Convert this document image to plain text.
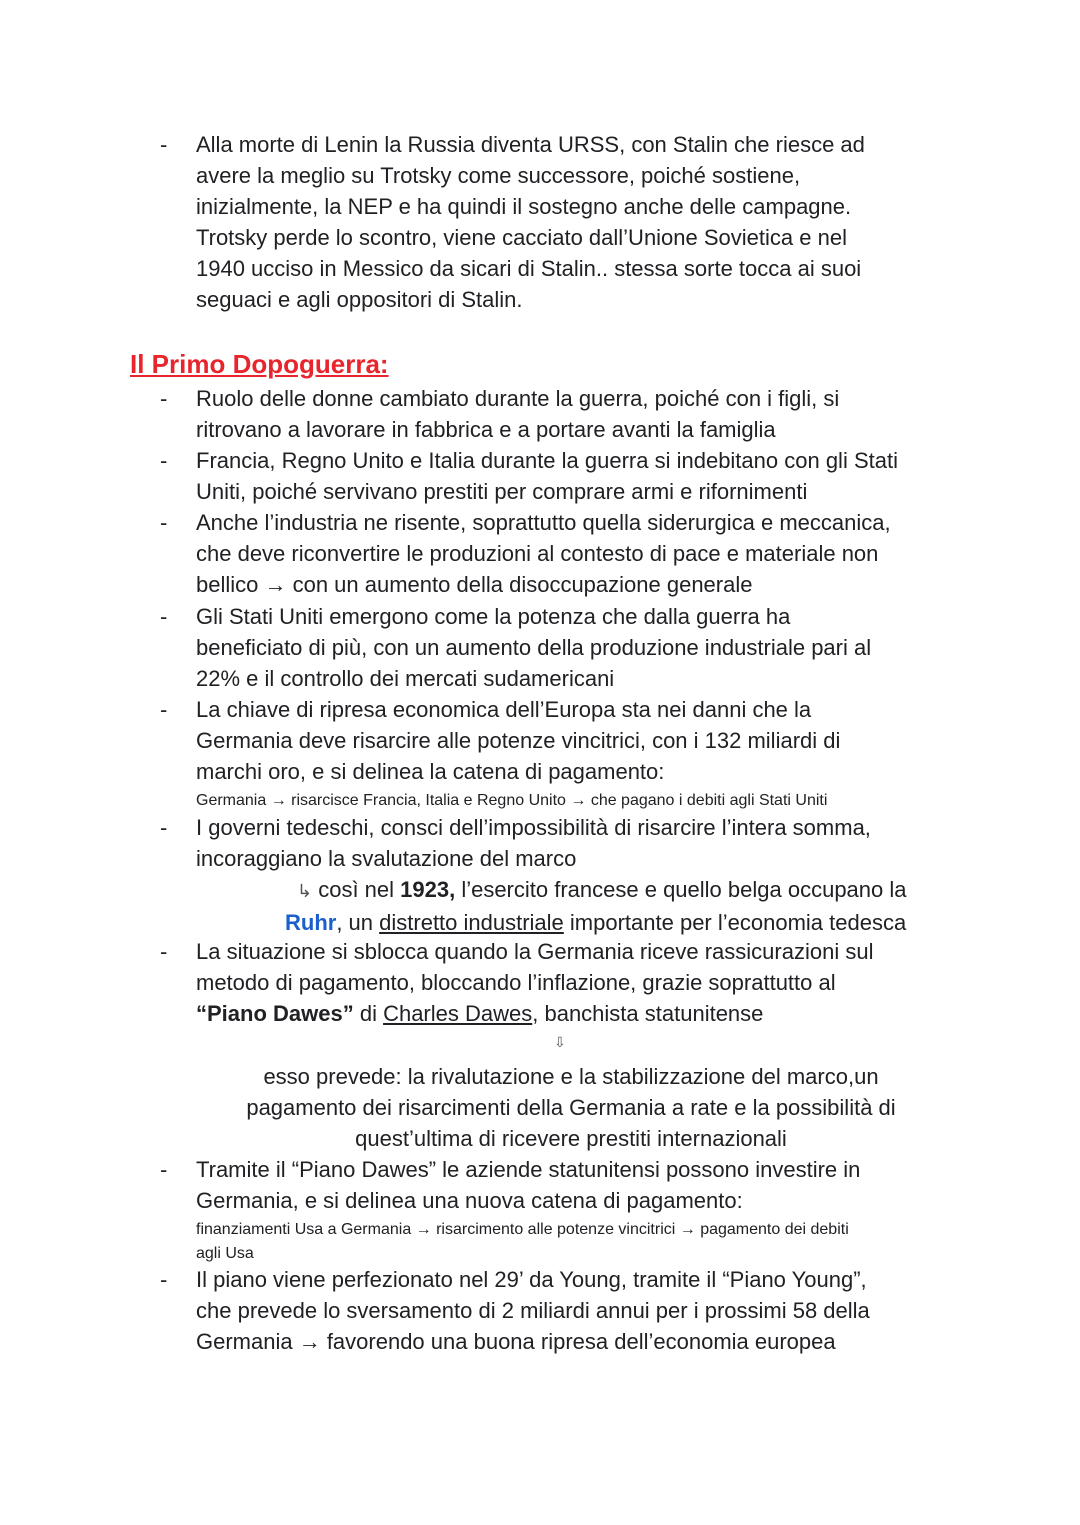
- Alla morte di Lenin la Russia diventa URSS, con Stalin che riesce ad
avere la meglio su Trotsky come successore, poiché sostiene,
inizialmente, la NEP e ha quindi il sostegno anche delle campagne.
Trotsky perde lo scontro, viene cacciato dall’Unione Sovietica e nel
1940 ucciso in Messico da sicari di Stalin.. stessa sorte tocca ai suoi
seguaci e agli oppositori di Stalin.
Il Primo Dopoguerra:
- Ruolo delle donne cambiato durante la guerra, poiché con i figli, si
ritrovano a lavorare in fabbrica e a portare avanti la famiglia
- Francia, Regno Unito e Italia durante la guerra si indebitano con gli Stati
Uniti, poiché servivano prestiti per comprare armi e rifornimenti
- Anche l’industria ne risente, soprattutto quella siderurgica e meccanica,
che deve riconvertire le produzioni al contesto di pace e materiale non
bellico → con un aumento della disoccupazione generale
- Gli Stati Uniti emergono come la potenza che dalla guerra ha
beneficiato di più, con un aumento della produzione industriale pari al
22% e il controllo dei mercati sudamericani
- La chiave di ripresa economica dell’Europa sta nei danni che la
Germania deve risarcire alle potenze vincitrici, con i 132 miliardi di
marchi oro, e si delinea la catena di pagamento:
Germania → risarcisce Francia, Italia e Regno Unito → che pagano i debiti agli Stati Uniti
- I governi tedeschi, consci dell’impossibilità di risarcire l’intera somma,
incoraggiano la svalutazione del marco
↳ così nel 1923, l’esercito francese e quello belga occupano la
Ruhr, un distretto industriale importante per l’economia tedesca
- La situazione si sblocca quando la Germania riceve rassicurazioni sul
metodo di pagamento, bloccando l’inflazione, grazie soprattutto al
“Piano Dawes” di Charles Dawes, banchista statunitense
⇩
esso prevede: la rivalutazione e la stabilizzazione del marco,un
pagamento dei risarcimenti della Germania a rate e la possibilità di
quest’ultima di ricevere prestiti internazionali
- Tramite il “Piano Dawes” le aziende statunitensi possono investire in
Germania, e si delinea una nuova catena di pagamento:
finanziamenti Usa a Germania → risarcimento alle potenze vincitrici → pagamento dei debiti
agli Usa
- Il piano viene perfezionato nel 29’ da Young, tramite il “Piano Young”,
che prevede lo sversamento di 2 miliardi annui per i prossimi 58 della
Germania → favorendo una buona ripresa dell’economia europea
